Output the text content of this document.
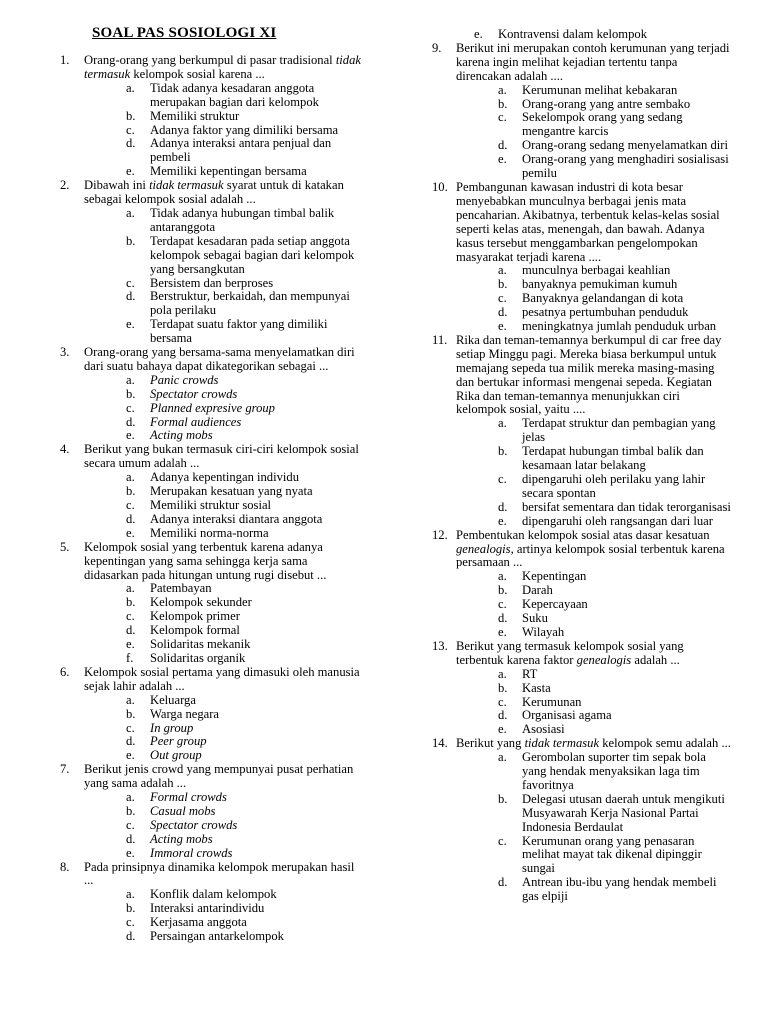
SOAL PAS SOSIOLOGI XI
1. Orang-orang yang berkumpul di pasar tradisional tidak termasuk kelompok sosial karena ...
a. Tidak adanya kesadaran anggota merupakan bagian dari kelompok
b. Memiliki struktur
c. Adanya faktor yang dimiliki bersama
d. Adanya interaksi antara penjual dan pembeli
e. Memiliki kepentingan bersama
2. Dibawah ini tidak termasuk syarat untuk di katakan sebagai kelompok sosial adalah ...
a. Tidak adanya hubungan timbal balik antaranggota
b. Terdapat kesadaran pada setiap anggota kelompok sebagai bagian dari kelompok yang bersangkutan
c. Bersistem dan berproses
d. Berstruktur, berkaidah, dan mempunyai pola perilaku
e. Terdapat suatu faktor yang dimiliki bersama
3. Orang-orang yang bersama-sama menyelamatkan diri dari suatu bahaya dapat dikategorikan sebagai ...
a. Panic crowds
b. Spectator crowds
c. Planned expresive group
d. Formal audiences
e. Acting mobs
4. Berikut yang bukan termasuk ciri-ciri kelompok sosial secara umum adalah ...
a. Adanya kepentingan individu
b. Merupakan kesatuan yang nyata
c. Memiliki struktur sosial
d. Adanya interaksi diantara anggota
e. Memiliki norma-norma
5. Kelompok sosial yang terbentuk karena adanya kepentingan yang sama sehingga kerja sama didasarkan pada hitungan untung rugi disebut ...
a. Patembayan
b. Kelompok sekunder
c. Kelompok primer
d. Kelompok formal
e. Solidaritas mekanik
f. Solidaritas organik
6. Kelompok sosial pertama yang dimasuki oleh manusia sejak lahir adalah ...
a. Keluarga
b. Warga negara
c. In group
d. Peer group
e. Out group
7. Berikut jenis crowd yang mempunyai pusat perhatian yang sama adalah ...
a. Formal crowds
b. Casual mobs
c. Spectator crowds
d. Acting mobs
e. Immoral crowds
8. Pada prinsipnya dinamika kelompok merupakan hasil ...
a. Konflik dalam kelompok
b. Interaksi antarindividu
c. Kerjasama anggota
d. Persaingan antarkelompok
e. Kontravensi dalam kelompok
9. Berikut ini merupakan contoh kerumunan yang terjadi karena ingin melihat kejadian tertentu tanpa direncakan adalah ....
a. Kerumunan melihat kebakaran
b. Orang-orang yang antre sembako
c. Sekelompok orang yang sedang mengantre karcis
d. Orang-orang sedang menyelamatkan diri
e. Orang-orang yang menghadiri sosialisasi pemilu
10. Pembangunan kawasan industri di kota besar menyebabkan munculnya berbagai jenis mata pencaharian. Akibatnya, terbentuk kelas-kelas sosial seperti kelas atas, menengah, dan bawah. Adanya kasus tersebut menggambarkan pengelompokan masyarakat terjadi karena ....
a. munculnya berbagai keahlian
b. banyaknya pemukiman kumuh
c. Banyaknya gelandangan di kota
d. pesatnya pertumbuhan penduduk
e. meningkatnya jumlah penduduk urban
11. Rika dan teman-temannya berkumpul di car free day setiap Minggu pagi. Mereka biasa berkumpul untuk memajang sepeda tua milik mereka masing-masing dan bertukar informasi mengenai sepeda. Kegiatan Rika dan teman-temannya menunjukkan ciri kelompok sosial, yaitu ....
a. Terdapat struktur dan pembagian yang jelas
b. Terdapat hubungan timbal balik dan kesamaan latar belakang
c. dipengaruhi oleh perilaku yang lahir secara spontan
d. bersifat sementara dan tidak terorganisasi
e. dipengaruhi oleh rangsangan dari luar
12. Pembentukan kelompok sosial atas dasar kesatuan genealogis, artinya kelompok sosial terbentuk karena persamaan ...
a. Kepentingan
b. Darah
c. Kepercayaan
d. Suku
e. Wilayah
13. Berikut yang termasuk kelompok sosial yang terbentuk karena faktor genealogis adalah ...
a. RT
b. Kasta
c. Kerumunan
d. Organisasi agama
e. Asosiasi
14. Berikut yang tidak termasuk kelompok semu adalah ...
a. Gerombolan suporter tim sepak bola yang hendak menyaksikan laga tim favoritnya
b. Delegasi utusan daerah untuk mengikuti Musyawarah Kerja Nasional Partai Indonesia Berdaulat
c. Kerumunan orang yang penasaran melihat mayat tak dikenal dipinggir sungai
d. Antrean ibu-ibu yang hendak membeli gas elpiji
